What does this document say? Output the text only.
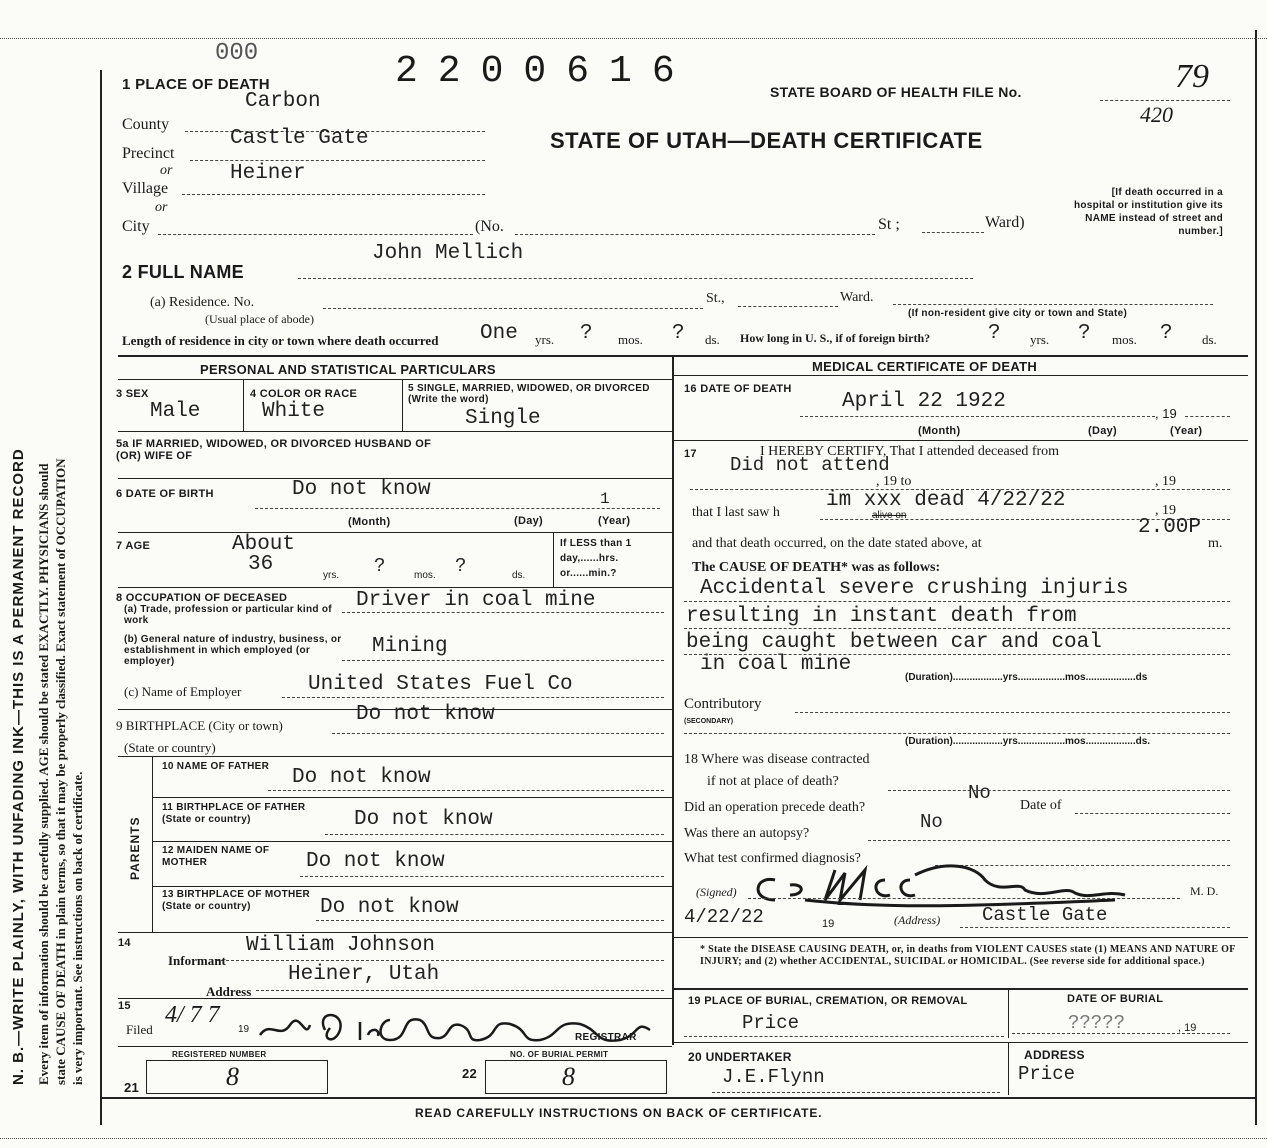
N. B.—WRITE PLAINLY, WITH UNFADING INK—THIS IS A PERMANENT RECORD Every item of information should be carefully supplied. AGE should be stated EXACTLY. PHYSICIANS should state CAUSE OF DEATH in plain terms, so that it may be properly classified. Exact statement of OCCUPATION is very important. See instructions on back of certificate.
000	2200616	STATE BOARD OF HEALTH FILE No.	79
420
STATE OF UTAH—DEATH CERTIFICATE
[If death occurred in a hospital or institution give its NAME instead of street and number.]
1 PLACE OF DEATH
Carbon
County
Castle Gate
Precinct
or	Heiner
Village
or
City	(No.	St ;	Ward)
2 FULL NAME
John Mellich
(a) Residence. No.
(Usual place of abode)
St.,	Ward.
(If non-resident give city or town and State)
Length of residence in city or town where death occurred One yrs. ? mos. ? ds. How long in U. S., if of foreign birth?	? yrs. ? mos. ? ds.
PERSONAL AND STATISTICAL PARTICULARS	MEDICAL CERTIFICATE OF DEATH
3 SEX
Male
4 COLOR OR RACE
White
5 SINGLE, MARRIED, WIDOWED, OR DIVORCED (Write the word)
Single
5a IF MARRIED, WIDOWED, OR DIVORCED HUSBAND OF (OR) WIFE OF
6 DATE OF BIRTH	Do not know	1
(Month)	(Day)	(Year)
7 AGE	About
36	yrs. ?	mos. ?	ds.
If LESS than 1 day,......hrs. or......min.?
8 OCCUPATION OF DECEASED
(a) Trade, profession or particular kind of work
Driver in coal mine
(b) General nature of industry, business, or establishment in which employed (or employer)
Mining
(c) Name of Employer	United States Fuel Co
9 BIRTHPLACE (City or town)	Do not know
(State or country)
PARENTS
10 NAME OF FATHER Do not know
11 BIRTHPLACE OF FATHER (State or country)	Do not know
12 MAIDEN NAME OF MOTHER	Do not know
13 BIRTHPLACE OF MOTHER (State or country)	Do not know
14	William Johnson
Informant
Heiner, Utah
Address
15
Filed
4/ 7 7
19
REGISTRAR
REGISTERED NUMBER
21	8
NO. OF BURIAL PERMIT
22	8
16 DATE OF DEATH
April 22 1922
, 19
(Month)	(Day)	(Year)
17	I HEREBY CERTIFY, That I attended deceased from
Did not attend
, 19 to	, 19
that I last saw h	alive on
im xxx dead 4/22/22	, 19
and that death occurred, on the date stated above, at
2.00P
m.
The CAUSE OF DEATH* was as follows:
Accidental severe crushing injuris
resulting in instant death from
being caught between car and coal
in coal mine
(Duration)..................yrs.................mos..................ds
Contributory
(SECONDARY)
(Duration)..................yrs.................mos..................ds.
18 Where was disease contracted
if not at place of death?
No
Did an operation precede death?
No
Date of
Was there an autopsy?
What test confirmed diagnosis?
(Signed)	M. D.
4/22/22	19	(Address) Castle Gate
* State the DISEASE CAUSING DEATH, or, in deaths from VIOLENT CAUSES state (1) MEANS AND NATURE OF INJURY; and (2) whether ACCIDENTAL, SUICIDAL or HOMICIDAL. (See reverse side for additional space.)
19 PLACE OF BURIAL, CREMATION, OR REMOVAL
Price
DATE OF BURIAL
?????	, 19
20 UNDERTAKER
J.E.Flynn
ADDRESS
Price
READ CAREFULLY INSTRUCTIONS ON BACK OF CERTIFICATE.
